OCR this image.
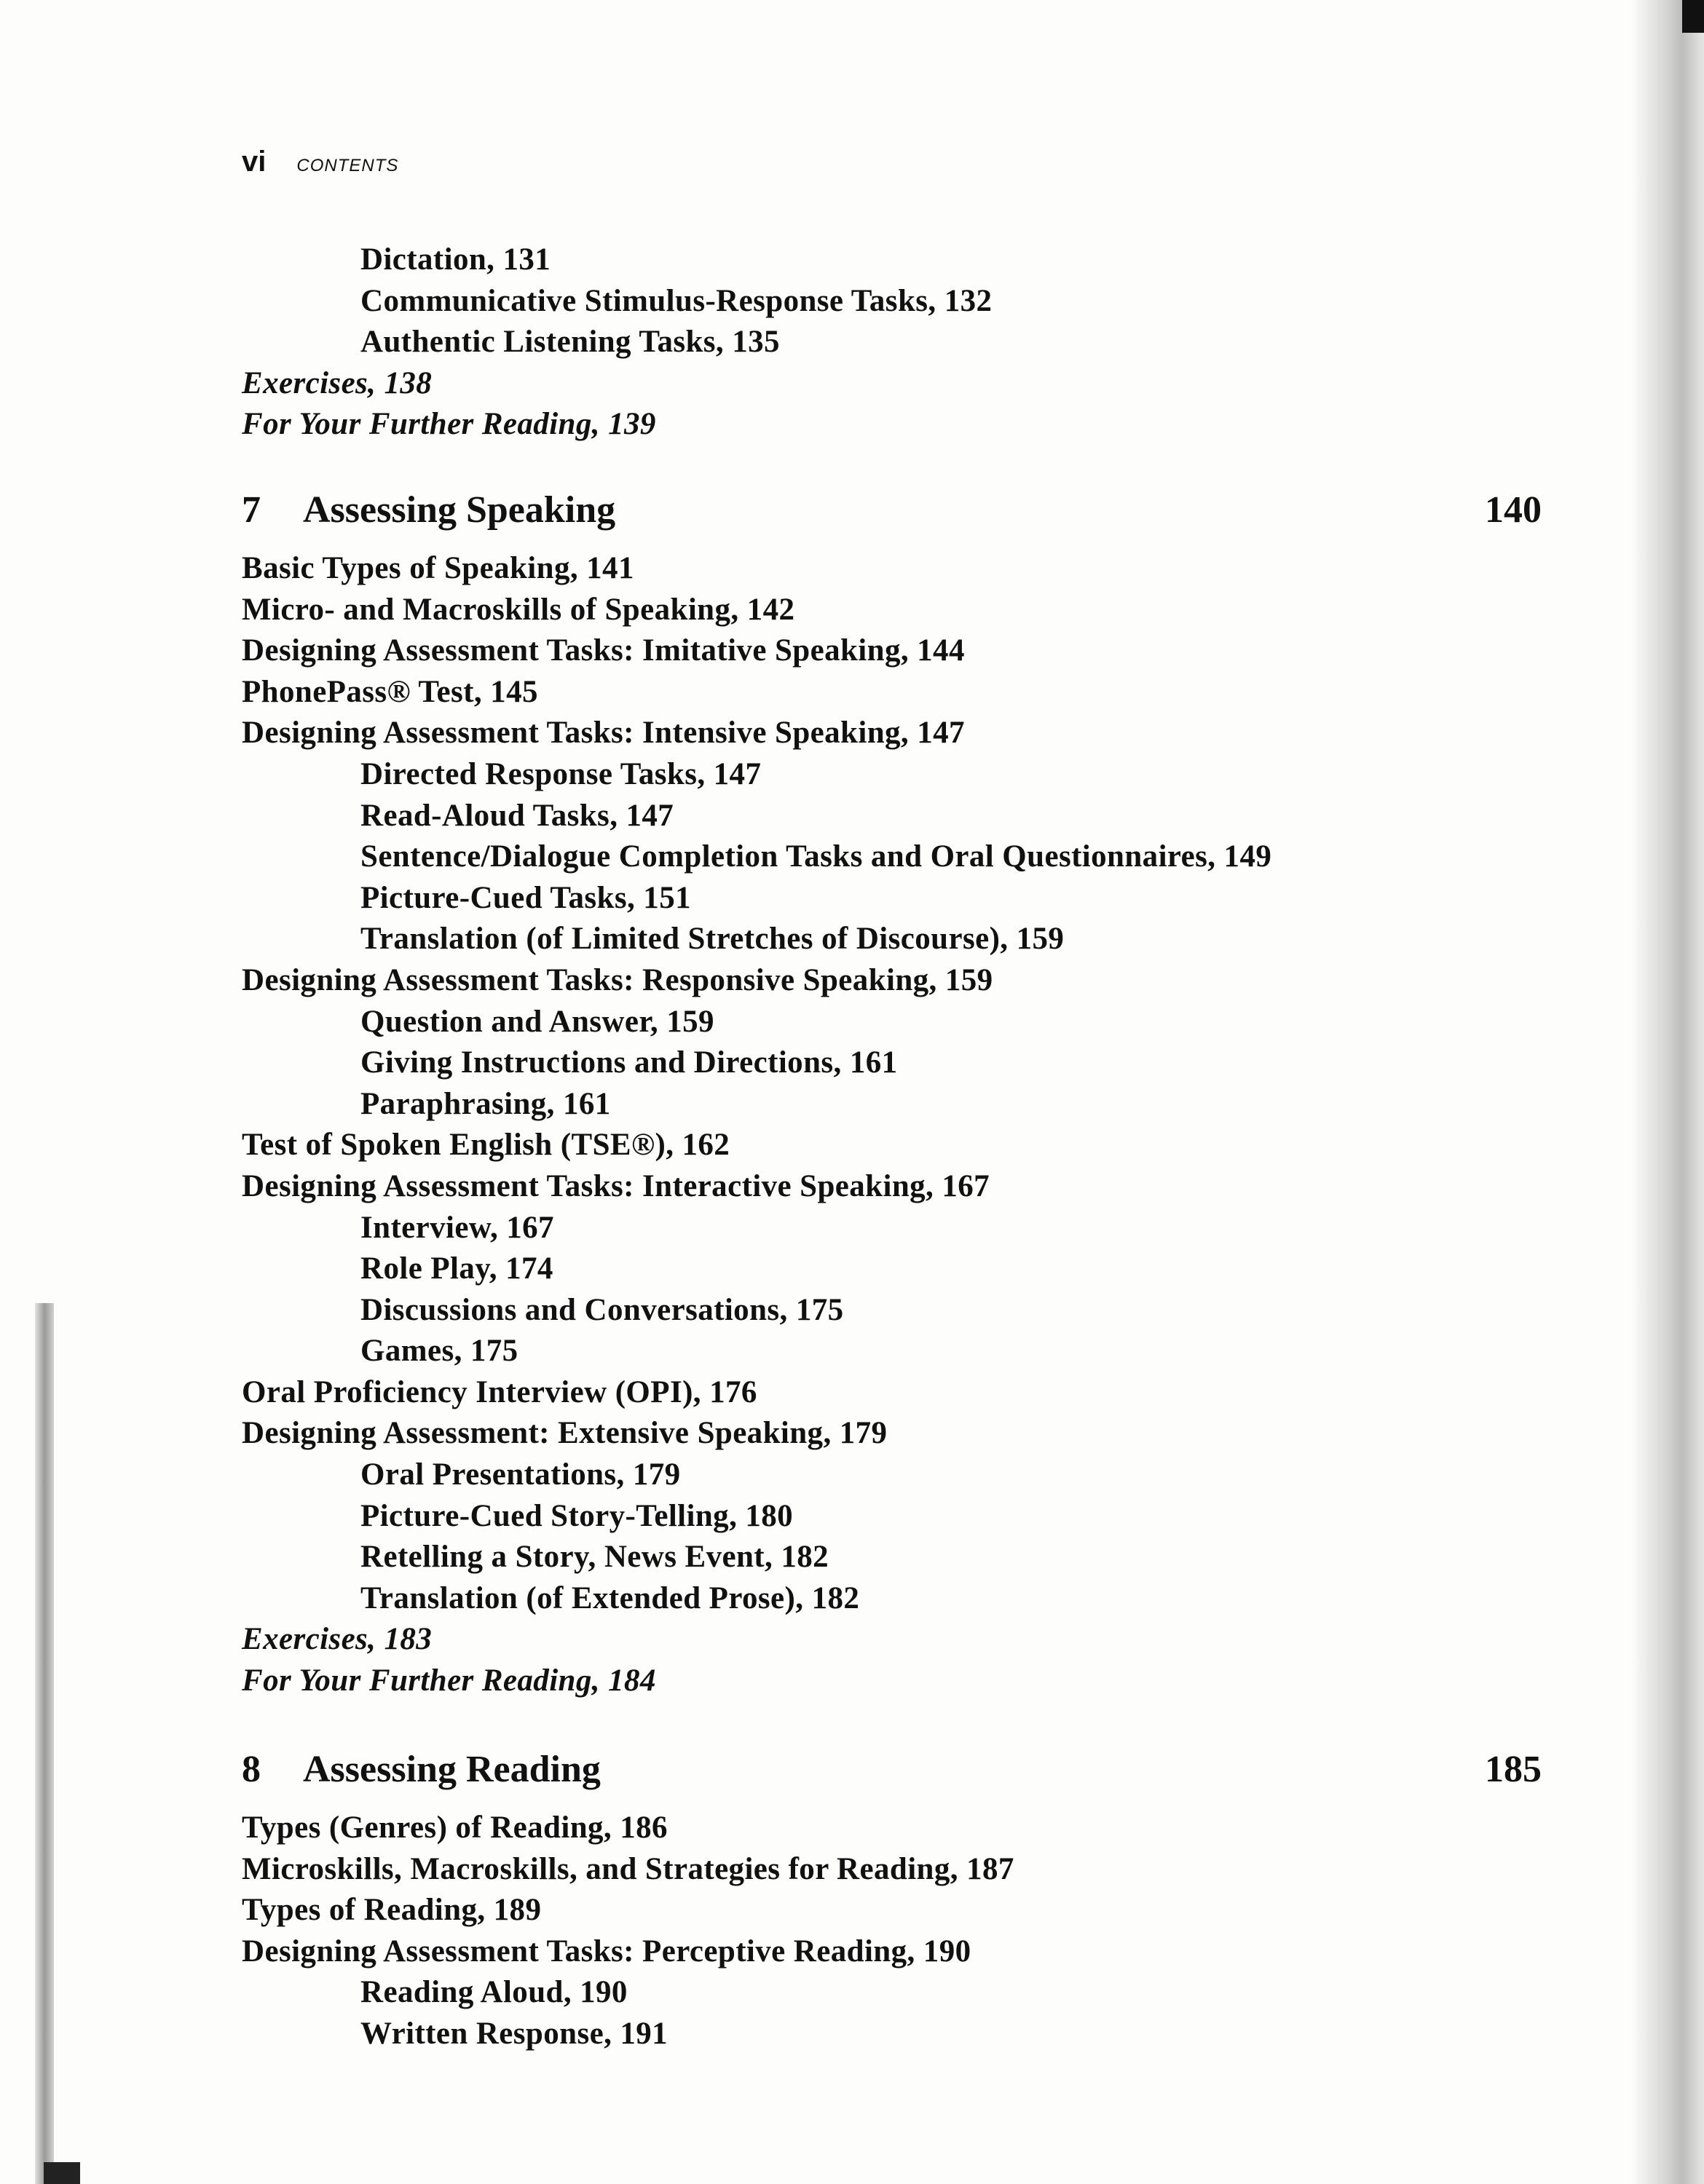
vi CONTENTS
Dictation, 131
Communicative Stimulus-Response Tasks, 132
Authentic Listening Tasks, 135
Exercises, 138
For Your Further Reading, 139
7	Assessing Speaking	140
Basic Types of Speaking, 141
Micro- and Macroskills of Speaking, 142
Designing Assessment Tasks: Imitative Speaking, 144
PhonePass® Test, 145
Designing Assessment Tasks: Intensive Speaking, 147
Directed Response Tasks, 147
Read-Aloud Tasks, 147
Sentence/Dialogue Completion Tasks and Oral Questionnaires, 149
Picture-Cued Tasks, 151
Translation (of Limited Stretches of Discourse), 159
Designing Assessment Tasks: Responsive Speaking, 159
Question and Answer, 159
Giving Instructions and Directions, 161
Paraphrasing, 161
Test of Spoken English (TSE®), 162
Designing Assessment Tasks: Interactive Speaking, 167
Interview, 167
Role Play, 174
Discussions and Conversations, 175
Games, 175
Oral Proficiency Interview (OPI), 176
Designing Assessment: Extensive Speaking, 179
Oral Presentations, 179
Picture-Cued Story-Telling, 180
Retelling a Story, News Event, 182
Translation (of Extended Prose), 182
Exercises, 183
For Your Further Reading, 184
8	Assessing Reading	185
Types (Genres) of Reading, 186
Microskills, Macroskills, and Strategies for Reading, 187
Types of Reading, 189
Designing Assessment Tasks: Perceptive Reading, 190
Reading Aloud, 190
Written Response, 191
